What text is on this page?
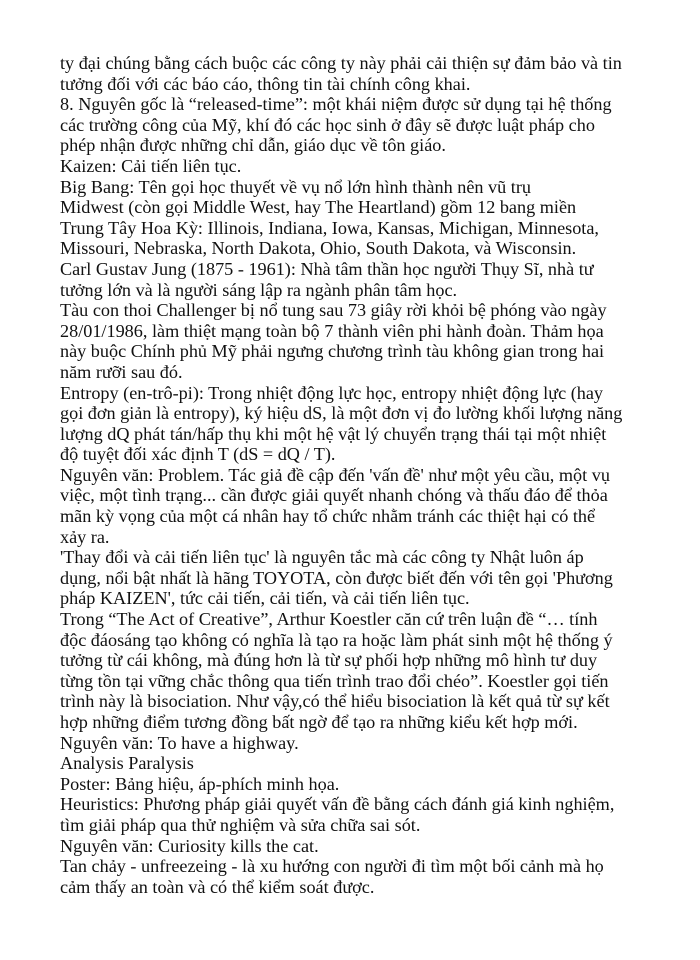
ty đại chúng bằng cách buộc các công ty này phải cải thiện sự đảm bảo và tin
tưởng đối với các báo cáo, thông tin tài chính công khai.
8. Nguyên gốc là “released-time”: một khái niệm được sử dụng tại hệ thống
các trường công của Mỹ, khí đó các học sinh ở đây sẽ được luật pháp cho
phép nhận được những chỉ dẫn, giáo dục về tôn giáo.
Kaizen: Cải tiến liên tục.
Big Bang: Tên gọi học thuyết về vụ nổ lớn hình thành nên vũ trụ
Midwest (còn gọi Middle West, hay The Heartland) gồm 12 bang miền
Trung Tây Hoa Kỳ: Illinois, Indiana, Iowa, Kansas, Michigan, Minnesota,
Missouri, Nebraska, North Dakota, Ohio, South Dakota, và Wisconsin.
Carl Gustav Jung (1875 - 1961): Nhà tâm thần học người Thụy Sĩ, nhà tư
tưởng lớn và là người sáng lập ra ngành phân tâm học.
Tàu con thoi Challenger bị nổ tung sau 73 giây rời khỏi bệ phóng vào ngày
28/01/1986, làm thiệt mạng toàn bộ 7 thành viên phi hành đoàn. Thảm họa
này buộc Chính phủ Mỹ phải ngưng chương trình tàu không gian trong hai
năm rưỡi sau đó.
Entropy (en-trô-pi): Trong nhiệt động lực học, entropy nhiệt động lực (hay
gọi đơn giản là entropy), ký hiệu dS, là một đơn vị đo lường khối lượng năng
lượng dQ phát tán/hấp thụ khi một hệ vật lý chuyển trạng thái tại một nhiệt
độ tuyệt đối xác định T (dS = dQ / T).
Nguyên văn: Problem. Tác giả đề cập đến 'vấn đề' như một yêu cầu, một vụ
việc, một tình trạng... cần được giải quyết nhanh chóng và thấu đáo để thỏa
mãn kỳ vọng của một cá nhân hay tổ chức nhằm tránh các thiệt hại có thể
xảy ra.
'Thay đổi và cải tiến liên tục' là nguyên tắc mà các công ty Nhật luôn áp
dụng, nổi bật nhất là hãng TOYOTA, còn được biết đến với tên gọi 'Phương
pháp KAIZEN', tức cải tiến, cải tiến, và cải tiến liên tục.
Trong “The Act of Creative”, Arthur Koestler căn cứ trên luận đề “… tính
độc đáosáng tạo không có nghĩa là tạo ra hoặc làm phát sinh một hệ thống ý
tưởng từ cái không, mà đúng hơn là từ sự phối hợp những mô hình tư duy
từng tồn tại vững chắc thông qua tiến trình trao đổi chéo”. Koestler gọi tiến
trình này là bisociation. Như vậy,có thể hiểu bisociation là kết quả từ sự kết
hợp những điểm tương đồng bất ngờ để tạo ra những kiểu kết hợp mới.
Nguyên văn: To have a highway.
Analysis Paralysis
Poster: Bảng hiệu, áp-phích minh họa.
Heuristics: Phương pháp giải quyết vấn đề bằng cách đánh giá kinh nghiệm,
tìm giải pháp qua thử nghiệm và sửa chữa sai sót.
Nguyên văn: Curiosity kills the cat.
Tan chảy - unfreezeing - là xu hướng con người đi tìm một bối cảnh mà họ
cảm thấy an toàn và có thể kiểm soát được.
